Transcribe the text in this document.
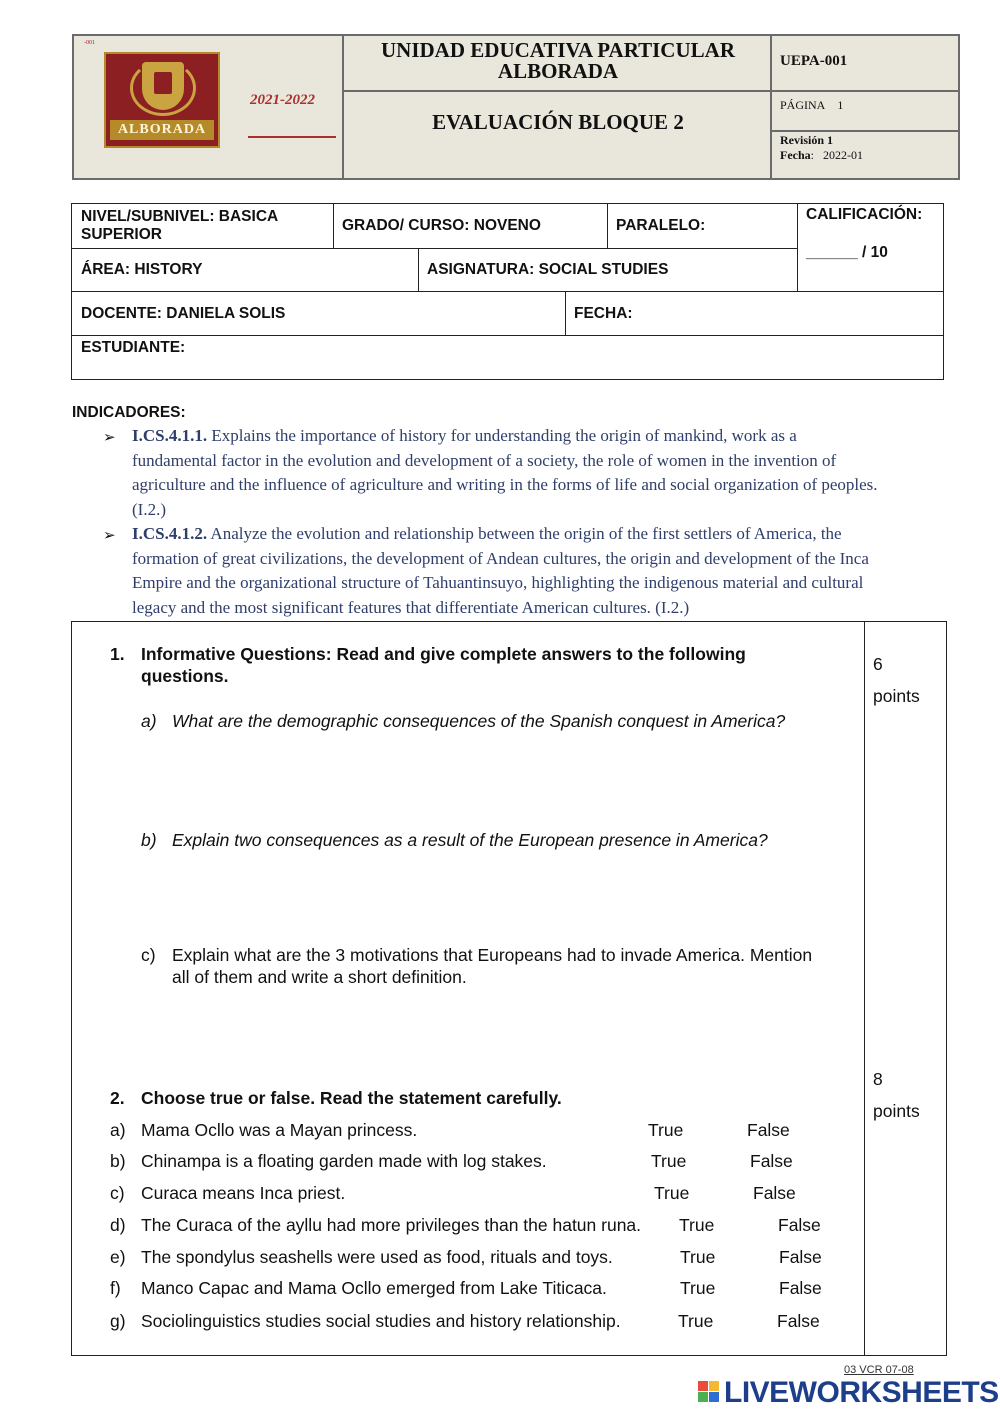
-001
ALBORADA
2021-2022
UNIDAD EDUCATIVA PARTICULAR
ALBORADA
EVALUACIÓN BLOQUE 2
UEPA-001
PÁGINA 1
Revisión 1
Fecha:   2022-01
NIVEL/SUBNIVEL: BASICA
SUPERIOR
GRADO/ CURSO: NOVENO	PARALELO:
CALIFICACIÓN:
______ / 10
ÁREA: HISTORY	ASIGNATURA: SOCIAL STUDIES
DOCENTE: DANIELA SOLIS	FECHA:
ESTUDIANTE:
INDICADORES:
➢ I.CS.4.1.1. Explains the importance of history for understanding the origin of mankind, work as a
fundamental factor in the evolution and development of a society, the role of women in the invention of
agriculture and the influence of agriculture and writing in the forms of life and social organization of peoples.
(I.2.)
➢ I.CS.4.1.2. Analyze the evolution and relationship between the origin of the first settlers of America, the
formation of great civilizations, the development of Andean cultures, the origin and development of the Inca
Empire and the organizational structure of Tahuantinsuyo, highlighting the indigenous material and cultural
legacy and the most significant features that differentiate American cultures. (I.2.)
1. Informative Questions: Read and give complete answers to the following
questions.
6
points
a) What are the demographic consequences of the Spanish conquest in America?
b) Explain two consequences as a result of the European presence in America?
c) Explain what are the 3 motivations that Europeans had to invade America. Mention
all of them and write a short definition.
8
points
2. Choose true or false. Read the statement carefully.
a) Mama Ocllo was a Mayan princess.	True	False
b) Chinampa is a floating garden made with log stakes.	True	False
c) Curaca means Inca priest.	True	False
d) The Curaca of the ayllu had more privileges than the hatun runa. True	False
e) The spondylus seashells were used as food, rituals and toys.	True	False
f) Manco Capac and Mama Ocllo emerged from Lake Titicaca.	True	False
g) Sociolinguistics studies social studies and history relationship.	True	False
03 VCR 07-08
LIVEWORKSHEETS
